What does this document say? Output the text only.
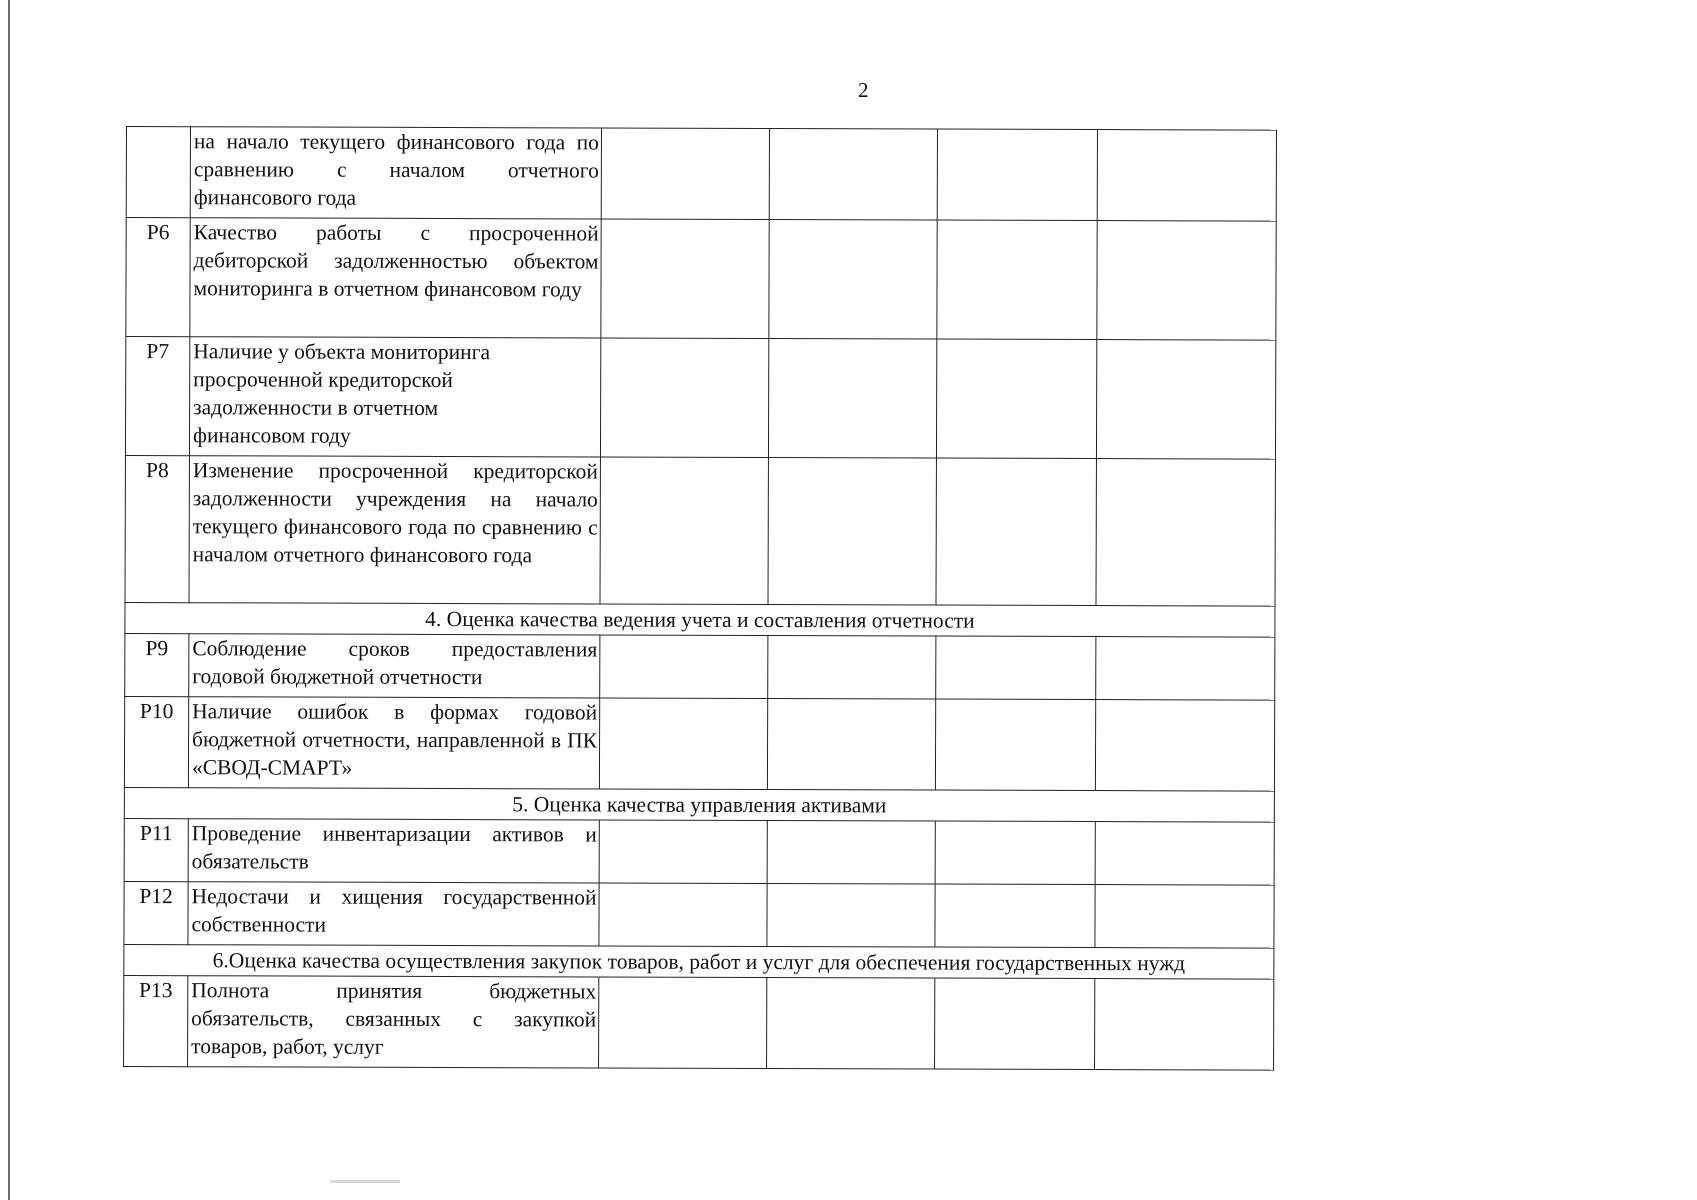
2
	на начало текущего финансового года по сравнению с началом отчетного финансового года				
P6	Качество работы с просроченной дебиторской задолженностью объектом мониторинга в отчетном финансовом году				
P7	Наличие у объекта мониторинга просроченной кредиторской задолженности в отчетном финансовом году				
P8	Изменение просроченной кредиторской задолженности учреждения на начало текущего финансового года по сравнению с началом отчетного финансового года				
4. Оценка качества ведения учета и составления отчетности					
P9	Соблюдение сроков предоставления годовой бюджетной отчетности				
P10	Наличие ошибок в формах годовой бюджетной отчетности, направленной в ПК «СВОД-СМАРТ»				
5. Оценка качества управления активами					
P11	Проведение инвентаризации активов и обязательств				
P12	Недостачи и хищения государственной собственности				
6.Оценка качества осуществления закупок товаров, работ и услуг для обеспечения государственных нужд					
P13	Полнота принятия бюджетных обязательств, связанных с закупкой товаров, работ, услуг				
